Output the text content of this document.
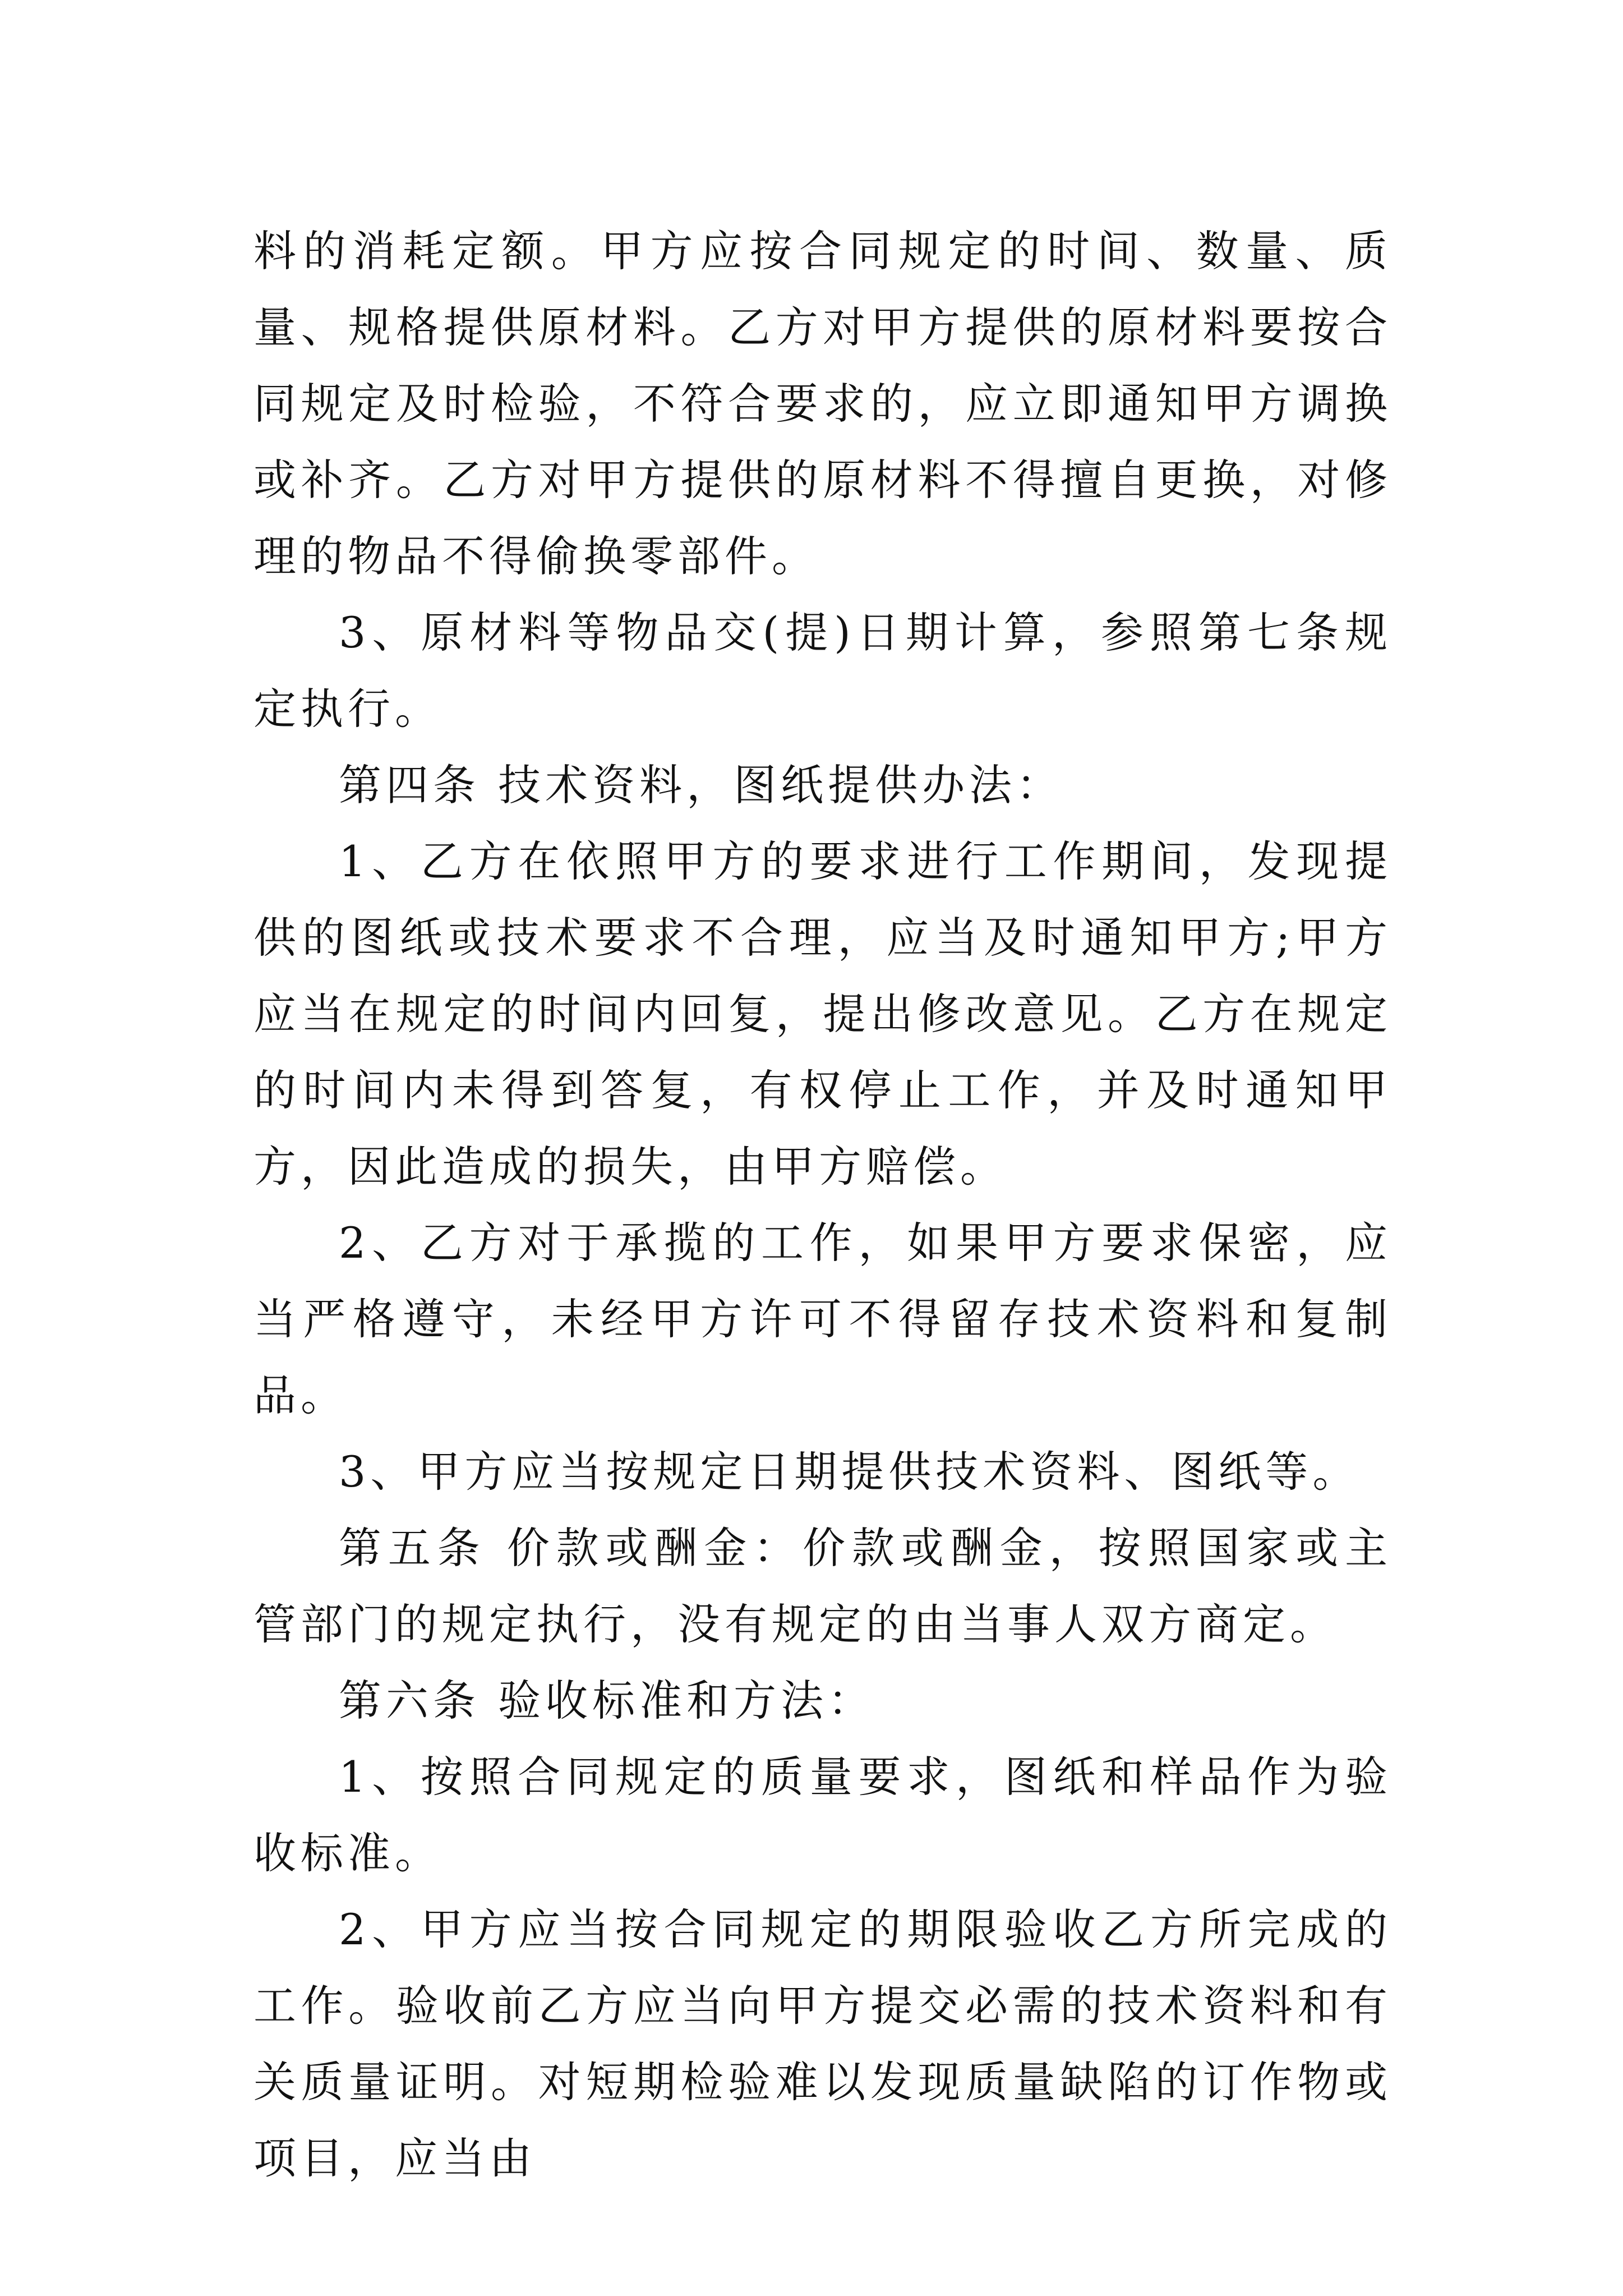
料的消耗定额。甲方应按合同规定的时间、数量、质量、规格提供原材料。乙方对甲方提供的原材料要按合同规定及时检验，不符合要求的，应立即通知甲方调换或补齐。乙方对甲方提供的原材料不得擅自更换，对修理的物品不得偷换零部件。

3、原材料等物品交(提)日期计算，参照第七条规定执行。

第四条 技术资料，图纸提供办法：

1、乙方在依照甲方的要求进行工作期间，发现提供的图纸或技术要求不合理，应当及时通知甲方;甲方应当在规定的时间内回复，提出修改意见。乙方在规定的时间内未得到答复，有权停止工作，并及时通知甲方，因此造成的损失，由甲方赔偿。

2、乙方对于承揽的工作，如果甲方要求保密，应当严格遵守，未经甲方许可不得留存技术资料和复制品。

3、甲方应当按规定日期提供技术资料、图纸等。

第五条 价款或酬金：价款或酬金，按照国家或主管部门的规定执行，没有规定的由当事人双方商定。

第六条 验收标准和方法：

1、按照合同规定的质量要求，图纸和样品作为验收标准。

2、甲方应当按合同规定的期限验收乙方所完成的工作。验收前乙方应当向甲方提交必需的技术资料和有关质量证明。对短期检验难以发现质量缺陷的订作物或项目，应当由
